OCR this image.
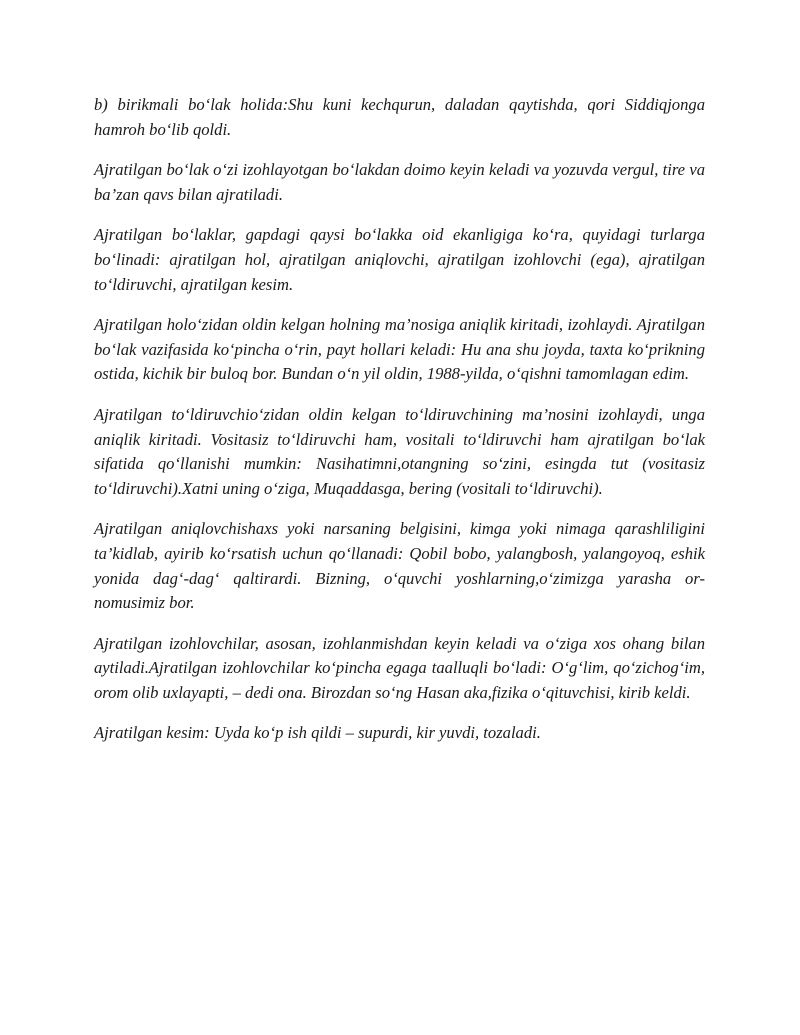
b) birikmali bo‘lak holida:Shu kuni kechqurun, daladan qaytishda, qori Siddiqjonga hamroh bo‘lib qoldi.

Ajratilgan bo‘lak o‘zi izohlayotgan bo‘lakdan doimo keyin keladi va yozuvda vergul, tire va ba’zan qavs bilan ajratiladi.

Ajratilgan bo‘laklar, gapdagi qaysi bo‘lakka oid ekanligiga ko‘ra, quyidagi turlarga bo‘linadi: ajratilgan hol, ajratilgan aniqlovchi, ajratilgan izohlovchi (ega), ajratilgan to‘ldiruvchi, ajratilgan kesim.

Ajratilgan holo‘zidan oldin kelgan holning ma’nosiga aniqlik kiritadi, izohlaydi. Ajratilgan bo‘lak vazifasida ko‘pincha o‘rin, payt hollari keladi: Hu ana shu joyda, taxta ko‘prikning ostida, kichik bir buloq bor. Bundan o‘n yil oldin, 1988-yilda, o‘qishni tamomlagan edim.

Ajratilgan to‘ldiruvchio‘zidan oldin kelgan to‘ldiruvchining ma’nosini izohlaydi, unga aniqlik kiritadi. Vositasiz to‘ldiruvchi ham, vositali to‘ldiruvchi ham ajratilgan bo‘lak sifatida qo‘llanishi mumkin: Nasihatimni,otangning so‘zini, esingda tut (vositasiz to‘ldiruvchi).Xatni uning o‘ziga, Muqaddasga, bering (vositali to‘ldiruvchi).

Ajratilgan aniqlovchishaxs yoki narsaning belgisini, kimga yoki nimaga qarashliligini ta’kidlab, ayirib ko‘rsatish uchun qo‘llanadi: Qobil bobo, yalangbosh, yalangoyoq, eshik yonida dag‘-dag‘ qaltirardi. Bizning, o‘quvchi yoshlarning,o‘zimizga yarasha or-nomusimiz bor.

Ajratilgan izohlovchilar, asosan, izohlanmishdan keyin keladi va o‘ziga xos ohang bilan aytiladi.Ajratilgan izohlovchilar ko‘pincha egaga taalluqli bo‘ladi: O‘g‘lim, qo‘zichog‘im, orom olib uxlayapti, – dedi ona. Birozdan so‘ng Hasan aka,fizika o‘qituvchisi, kirib keldi.

Ajratilgan kesim: Uyda ko‘p ish qildi – supurdi, kir yuvdi, tozaladi.
